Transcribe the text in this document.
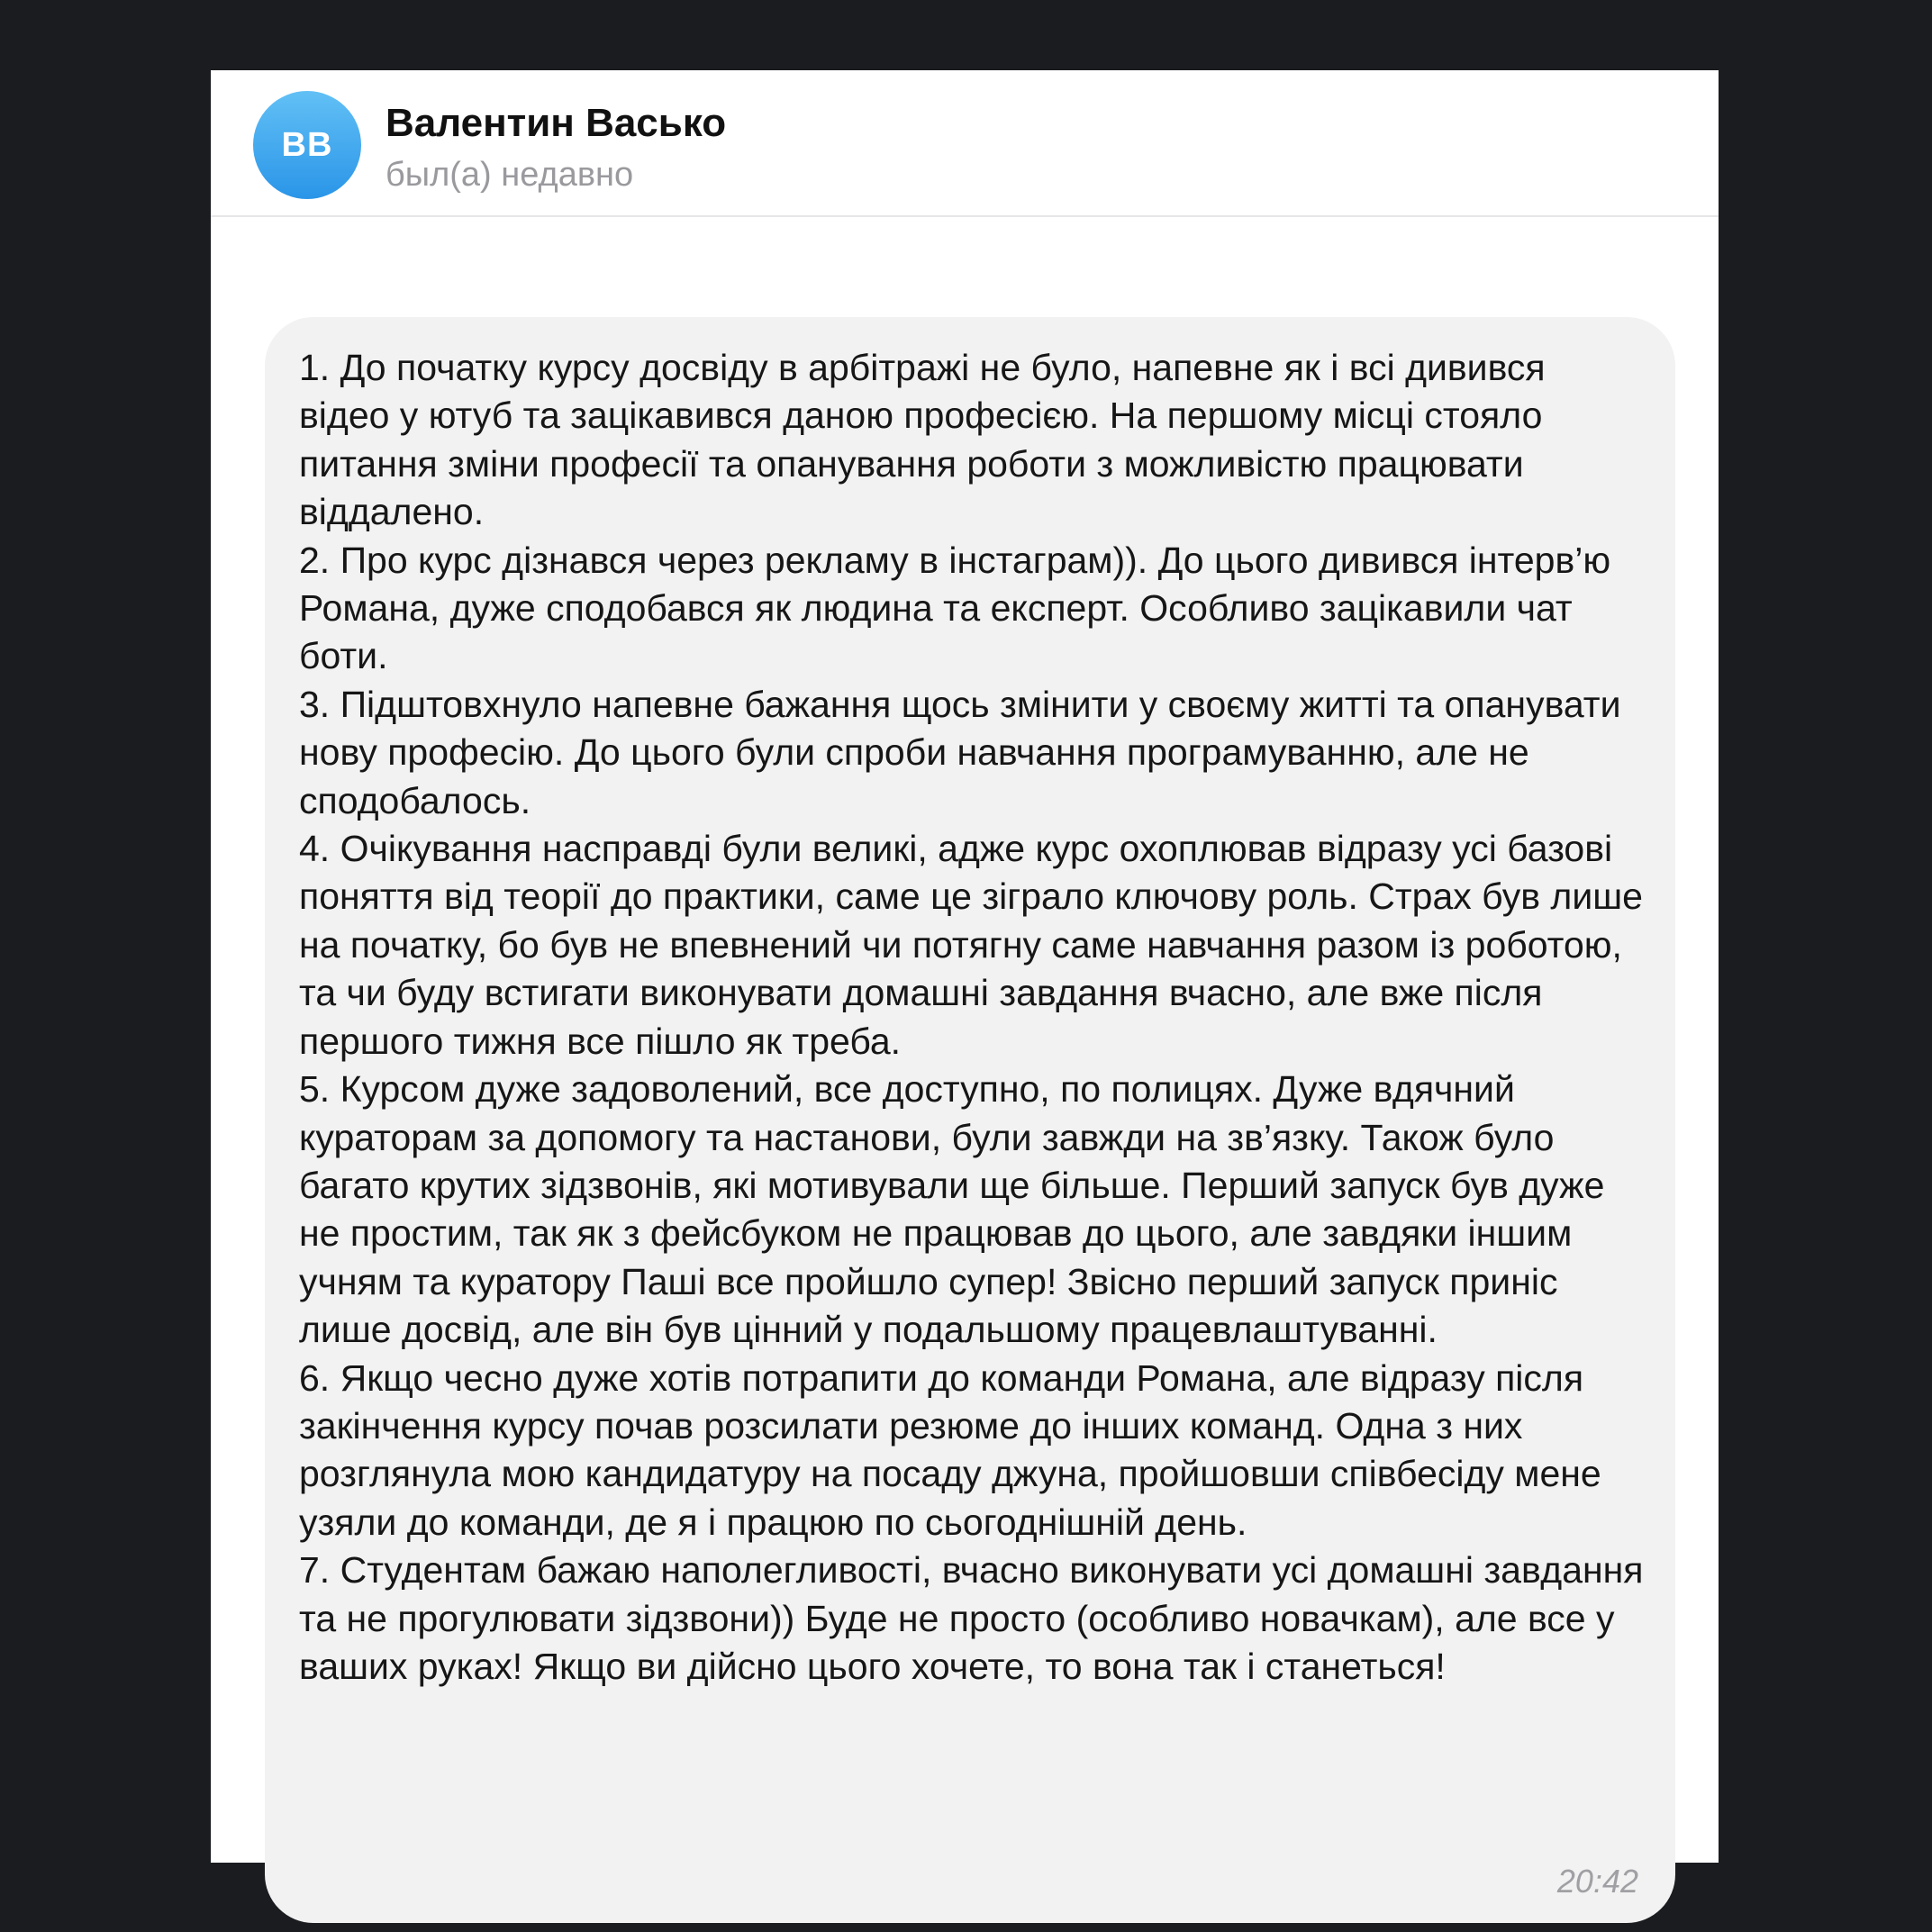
ВВ Валентин Васько
был(а) недавно

1. До початку курсу досвіду в арбітражі не було, напевне як і всі дивився відео у ютуб та зацікавився даною професією. На першому місці стояло питання зміни професії та опанування роботи з можливістю працювати віддалено.
2. Про курс дізнався через рекламу в інстаграм)). До цього дивився інтерв’ю Романа, дуже сподобався як людина та експерт. Особливо зацікавили чат боти.
3. Підштовхнуло напевне бажання щось змінити у своєму житті та опанувати нову професію. До цього були спроби навчання програмуванню, але не сподобалось.
4. Очікування насправді були великі, адже курс охоплював відразу усі базові поняття від теорії до практики, саме це зіграло ключову роль. Страх був лише на початку, бо був не впевнений чи потягну саме навчання разом із роботою, та чи буду встигати виконувати домашні завдання вчасно, але вже після першого тижня все пішло як треба.
5. Курсом дуже задоволений, все доступно, по полицях. Дуже вдячний кураторам за допомогу та настанови, були завжди на зв’язку. Також було багато крутих зідзвонів, які мотивували ще більше. Перший запуск був дуже не простим, так як з фейсбуком не працював до цього, але завдяки іншим учням та куратору Паші все пройшло супер! Звісно перший запуск приніс лише досвід, але він був цінний у подальшому працевлаштуванні.
6. Якщо чесно дуже хотів потрапити до команди Романа, але відразу після закінчення курсу почав розсилати резюме до інших команд. Одна з них розглянула мою кандидатуру на посаду джуна, пройшовши співбесіду мене узяли до команди, де я і працюю по сьогоднішній день.
7. Студентам бажаю наполегливості, вчасно виконувати усі домашні завдання та не прогулювати зідзвони)) Буде не просто (особливо новачкам), але все у ваших руках! Якщо ви дійсно цього хочете, то вона так і станеться!

20:42
